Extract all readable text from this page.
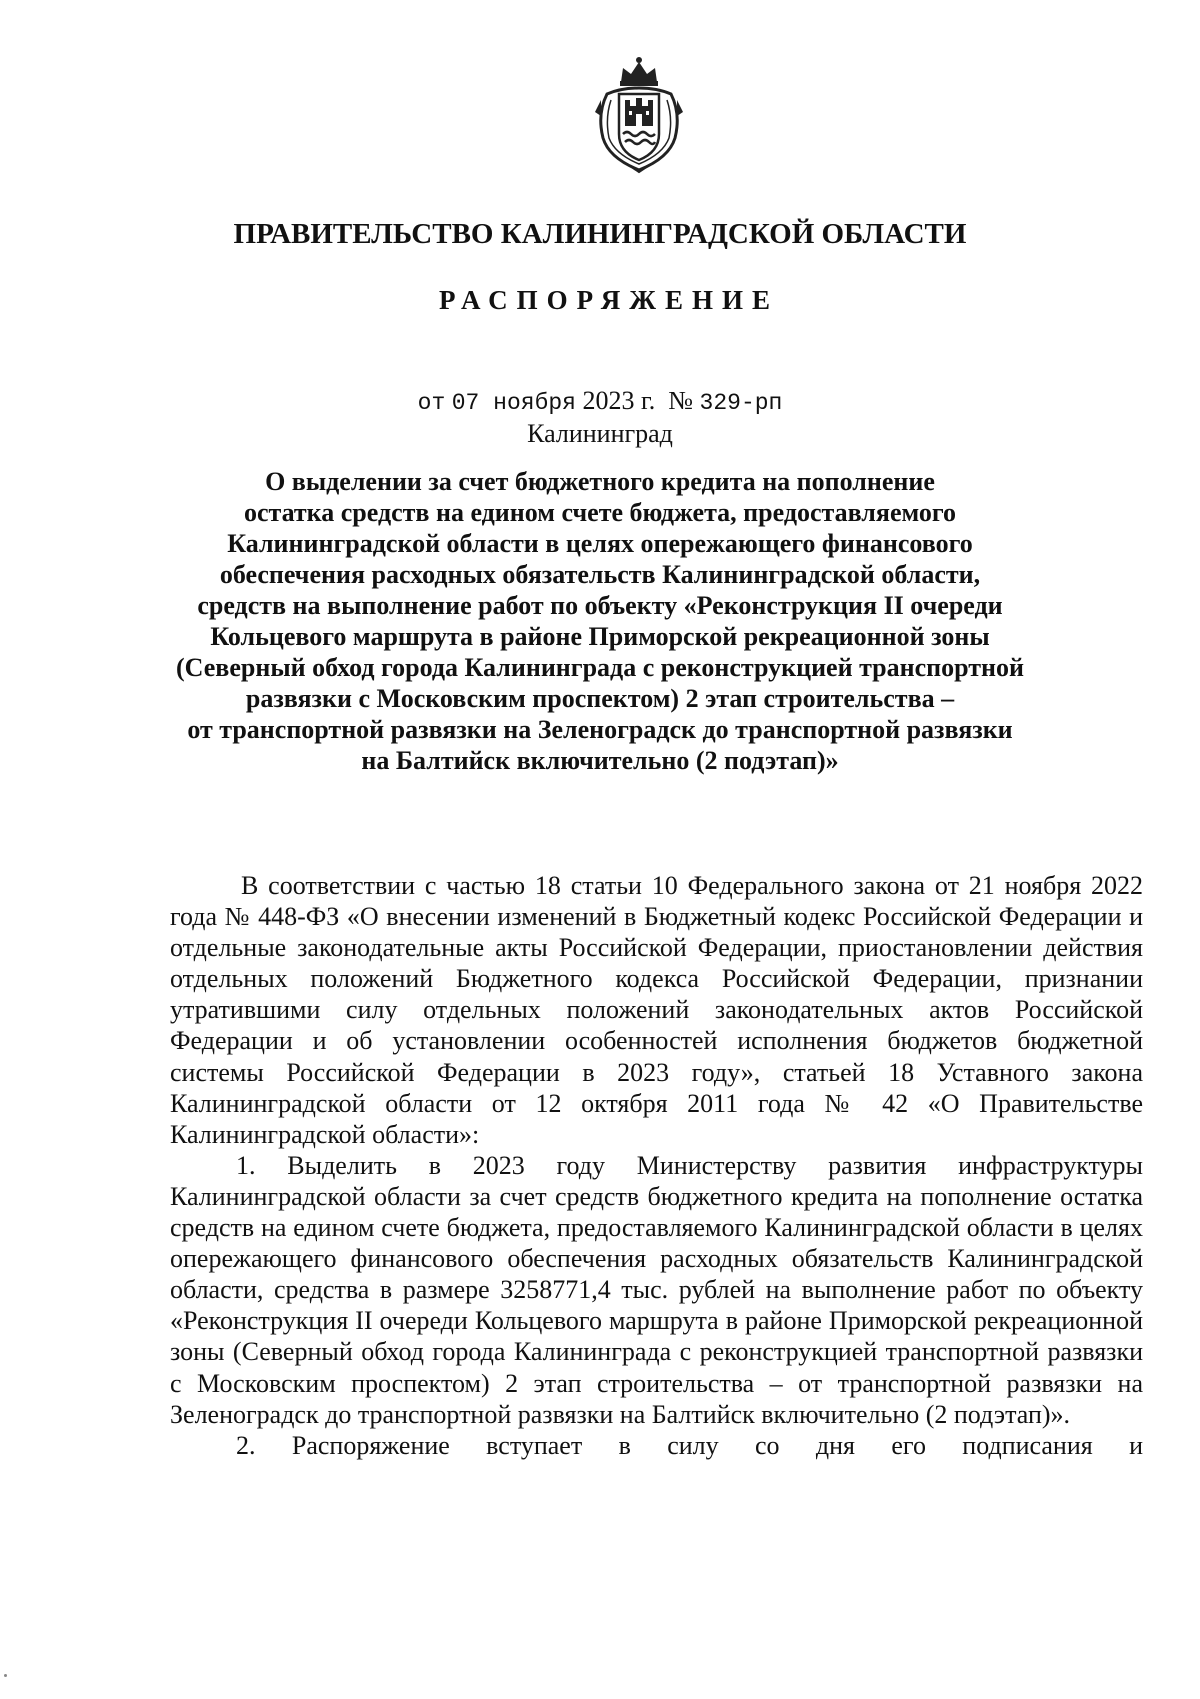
ПРАВИТЕЛЬСТВО КАЛИНИНГРАДСКОЙ ОБЛАСТИ
РАСПОРЯЖЕНИЕ
от 07 ноября 2023 г. № 329-рп
Калининград
О выделении за счет бюджетного кредита на пополнение
остатка средств на едином счете бюджета, предоставляемого
Калининградской области в целях опережающего финансового
обеспечения расходных обязательств Калининградской области,
средств на выполнение работ по объекту «Реконструкция II очереди
Кольцевого маршрута в районе Приморской рекреационной зоны
(Северный обход города Калининграда с реконструкцией транспортной
развязки с Московским проспектом) 2 этап строительства –
от транспортной развязки на Зеленоградск до транспортной развязки
на Балтийск включительно (2 подэтап)»

В соответствии с частью 18 статьи 10 Федерального закона от 21 ноября 2022 года № 448-ФЗ «О внесении изменений в Бюджетный кодекс Российской Федерации и отдельные законодательные акты Российской Федерации, приостановлении действия отдельных положений Бюджетного кодекса Российской Федерации, признании утратившими силу отдельных положений законодательных актов Российской Федерации и об установлении особенностей исполнения бюджетов бюджетной системы Российской Федерации в 2023 году», статьей 18 Уставного закона Калининградской области от 12 октября 2011 года № 42 «О Правительстве Калининградской области»:

1. Выделить в 2023 году Министерству развития инфраструктуры Калининградской области за счет средств бюджетного кредита на пополнение остатка средств на едином счете бюджета, предоставляемого Калининградской области в целях опережающего финансового обеспечения расходных обязательств Калининградской области, средства в размере 3258771,4 тыс. рублей на выполнение работ по объекту «Реконструкция II очереди Кольцевого маршрута в районе Приморской рекреационной зоны (Северный обход города Калининграда с реконструкцией транспортной развязки с Московским проспектом) 2 этап строительства – от транспортной развязки на Зеленоградск до транспортной развязки на Балтийск включительно (2 подэтап)».

2. Распоряжение вступает в силу со дня его подписания и
